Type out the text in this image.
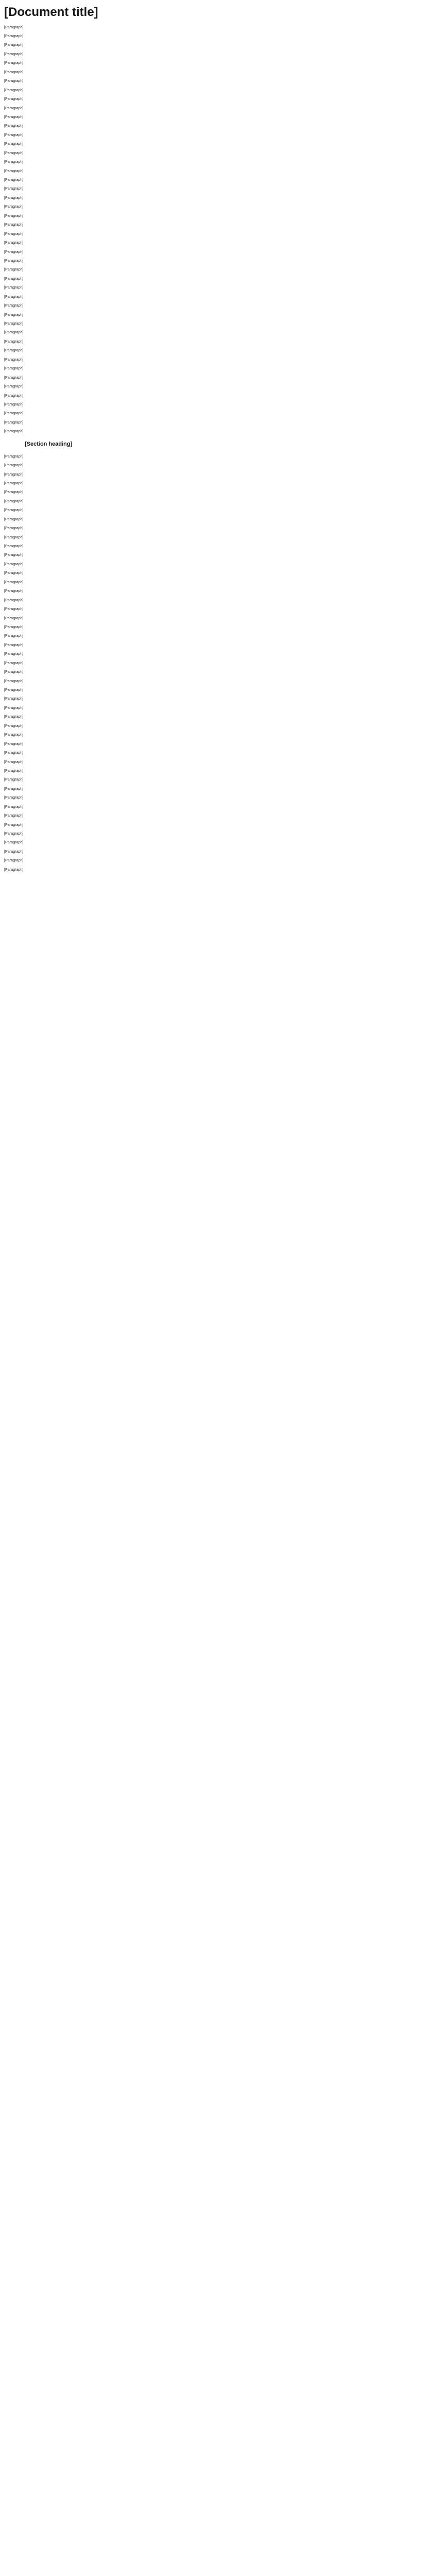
[Document title]

[Paragraph]

[Paragraph]

[Paragraph]

[Paragraph]

[Paragraph]

[Paragraph]

[Paragraph]

[Paragraph]

[Paragraph]

[Paragraph]

[Paragraph]

[Paragraph]

[Paragraph]

[Paragraph]

[Paragraph]

[Paragraph]

[Paragraph]

[Paragraph]

[Paragraph]

[Paragraph]

[Paragraph]

[Paragraph]

[Paragraph]

[Paragraph]

[Paragraph]

[Paragraph]

[Paragraph]

[Paragraph]

[Paragraph]

[Paragraph]

[Paragraph]

[Paragraph]

[Paragraph]

[Paragraph]

[Paragraph]

[Paragraph]

[Paragraph]

[Paragraph]

[Paragraph]

[Paragraph]

[Paragraph]

[Paragraph]

[Paragraph]

[Paragraph]

[Paragraph]

[Paragraph]

[Section heading]

[Paragraph]

[Paragraph]

[Paragraph]

[Paragraph]

[Paragraph]

[Paragraph]

[Paragraph]

[Paragraph]

[Paragraph]

[Paragraph]

[Paragraph]

[Paragraph]

[Paragraph]

[Paragraph]

[Paragraph]

[Paragraph]

[Paragraph]

[Paragraph]

[Paragraph]

[Paragraph]

[Paragraph]

[Paragraph]

[Paragraph]

[Paragraph]

[Paragraph]

[Paragraph]

[Paragraph]

[Paragraph]

[Paragraph]

[Paragraph]

[Paragraph]

[Paragraph]

[Paragraph]

[Paragraph]

[Paragraph]

[Paragraph]

[Paragraph]

[Paragraph]

[Paragraph]

[Paragraph]

[Paragraph]

[Paragraph]

[Paragraph]

[Paragraph]

[Paragraph]

[Paragraph]

[Paragraph]
